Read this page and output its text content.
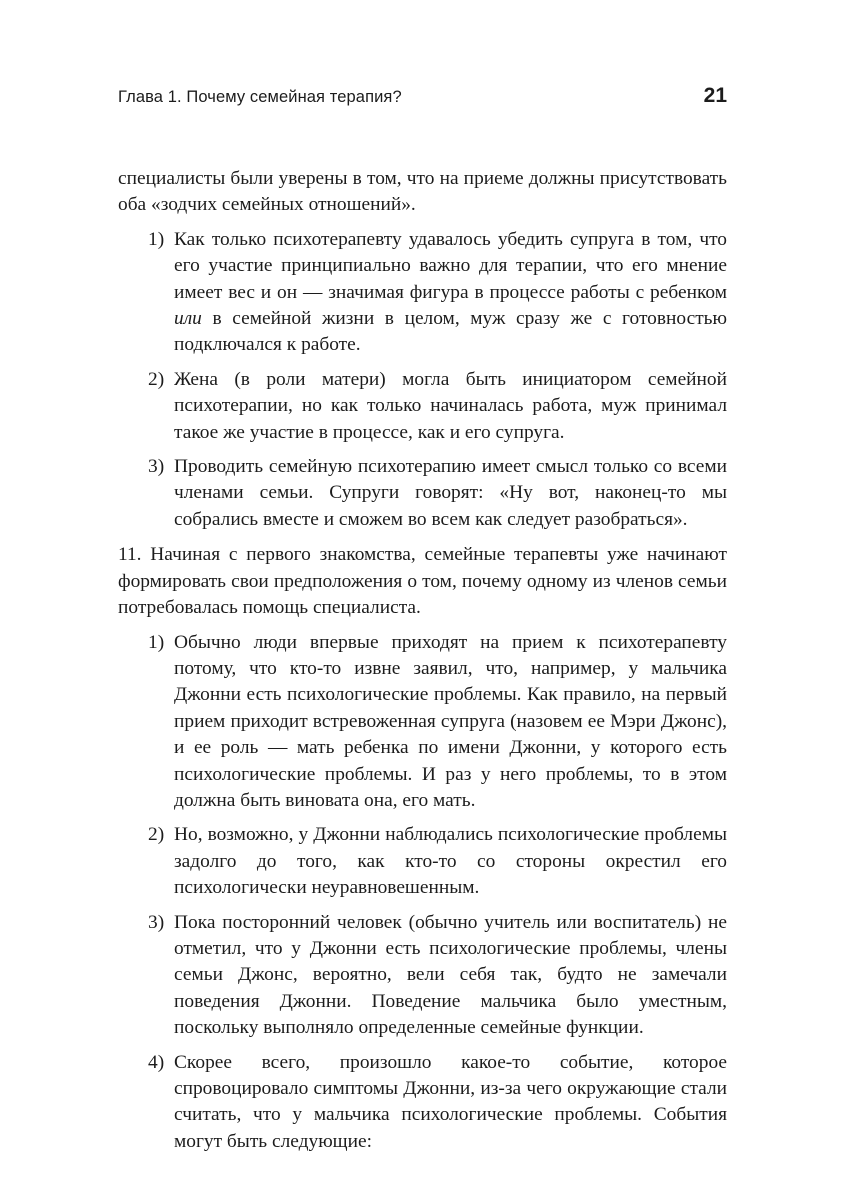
Глава 1. Почему семейная терапия?	21

специалисты были уверены в том, что на приеме должны присутствовать оба «зодчих семейных отношений».

1) Как только психотерапевту удавалось убедить супруга в том, что его участие принципиально важно для терапии, что его мнение имеет вес и он — значимая фигура в процессе работы с ребенком или в семейной жизни в целом, муж сразу же с готовностью подключался к работе.
2) Жена (в роли матери) могла быть инициатором семейной психотерапии, но как только начиналась работа, муж принимал такое же участие в процессе, как и его супруга.
3) Проводить семейную психотерапию имеет смысл только со всеми членами семьи. Супруги говорят: «Ну вот, наконец-то мы собрались вместе и сможем во всем как следует разобраться».

11. Начиная с первого знакомства, семейные терапевты уже начинают формировать свои предположения о том, почему одному из членов семьи потребовалась помощь специалиста.

1) Обычно люди впервые приходят на прием к психотерапевту потому, что кто-то извне заявил, что, например, у мальчика Джонни есть психологические проблемы. Как правило, на первый прием приходит встревоженная супруга (назовем ее Мэри Джонс), и ее роль — мать ребенка по имени Джонни, у которого есть психологические проблемы. И раз у него проблемы, то в этом должна быть виновата она, его мать.
2) Но, возможно, у Джонни наблюдались психологические проблемы задолго до того, как кто-то со стороны окрестил его психологически неуравновешенным.
3) Пока посторонний человек (обычно учитель или воспитатель) не отметил, что у Джонни есть психологические проблемы, члены семьи Джонс, вероятно, вели себя так, будто не замечали поведения Джонни. Поведение мальчика было уместным, поскольку выполняло определенные семейные функции.
4) Скорее всего, произошло какое-то событие, которое спровоцировало симптомы Джонни, из-за чего окружающие стали считать, что у мальчика психологические проблемы. События могут быть следующие:
